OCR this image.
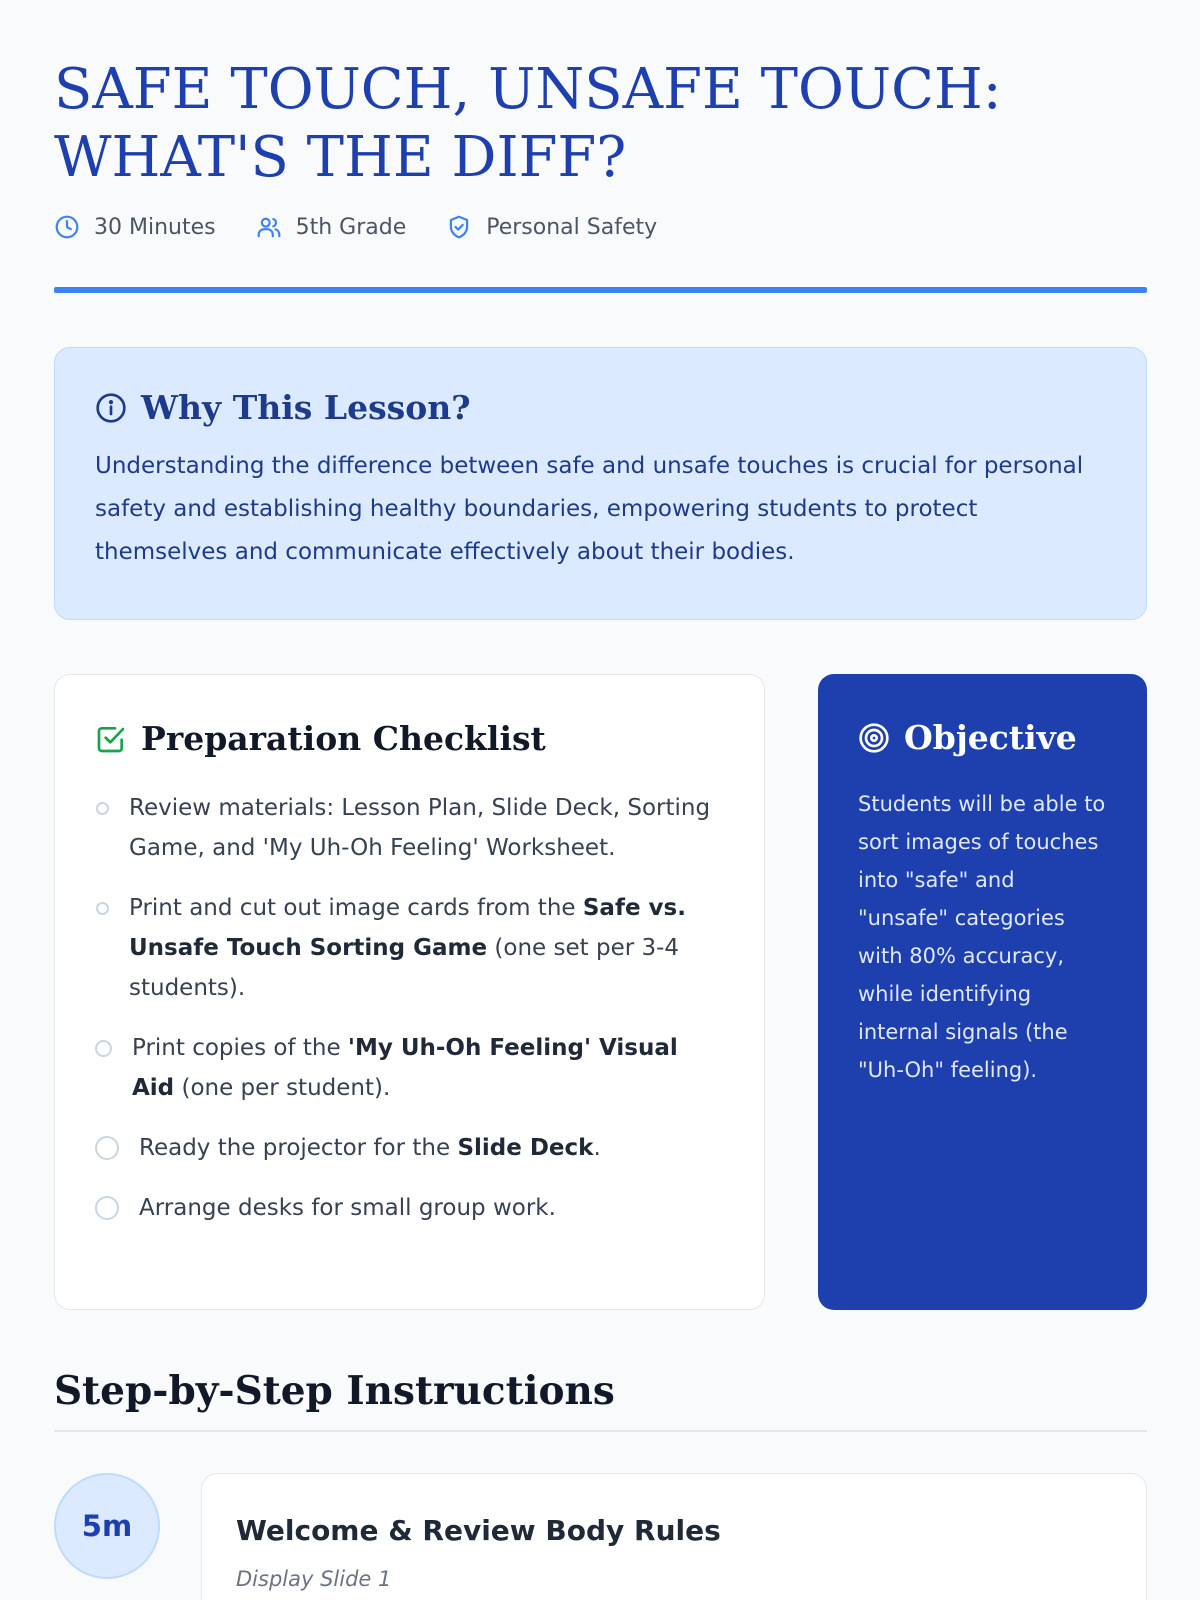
SAFE TOUCH, UNSAFE TOUCH: WHAT'S THE DIFF?
30 Minutes	5th Grade	Personal Safety
Why This Lesson?

Understanding the difference between safe and unsafe touches is crucial for personal safety and establishing healthy boundaries, empowering students to protect themselves and communicate effectively about their bodies.

Preparation Checklist
Review materials: Lesson Plan, Slide Deck, Sorting Game, and 'My Uh-Oh Feeling' Worksheet.
Print and cut out image cards from the Safe vs. Unsafe Touch Sorting Game (one set per 3-4 students).
Print copies of the 'My Uh-Oh Feeling' Visual Aid (one per student).
Ready the projector for the Slide Deck.
Arrange desks for small group work.
Objective

Students will be able to sort images of touches into "safe" and "unsafe" categories with 80% accuracy, while identifying internal signals (the "Uh-Oh" feeling).

Step-by-Step Instructions
5m	Welcome & Review Body Rules

Display Slide 1
